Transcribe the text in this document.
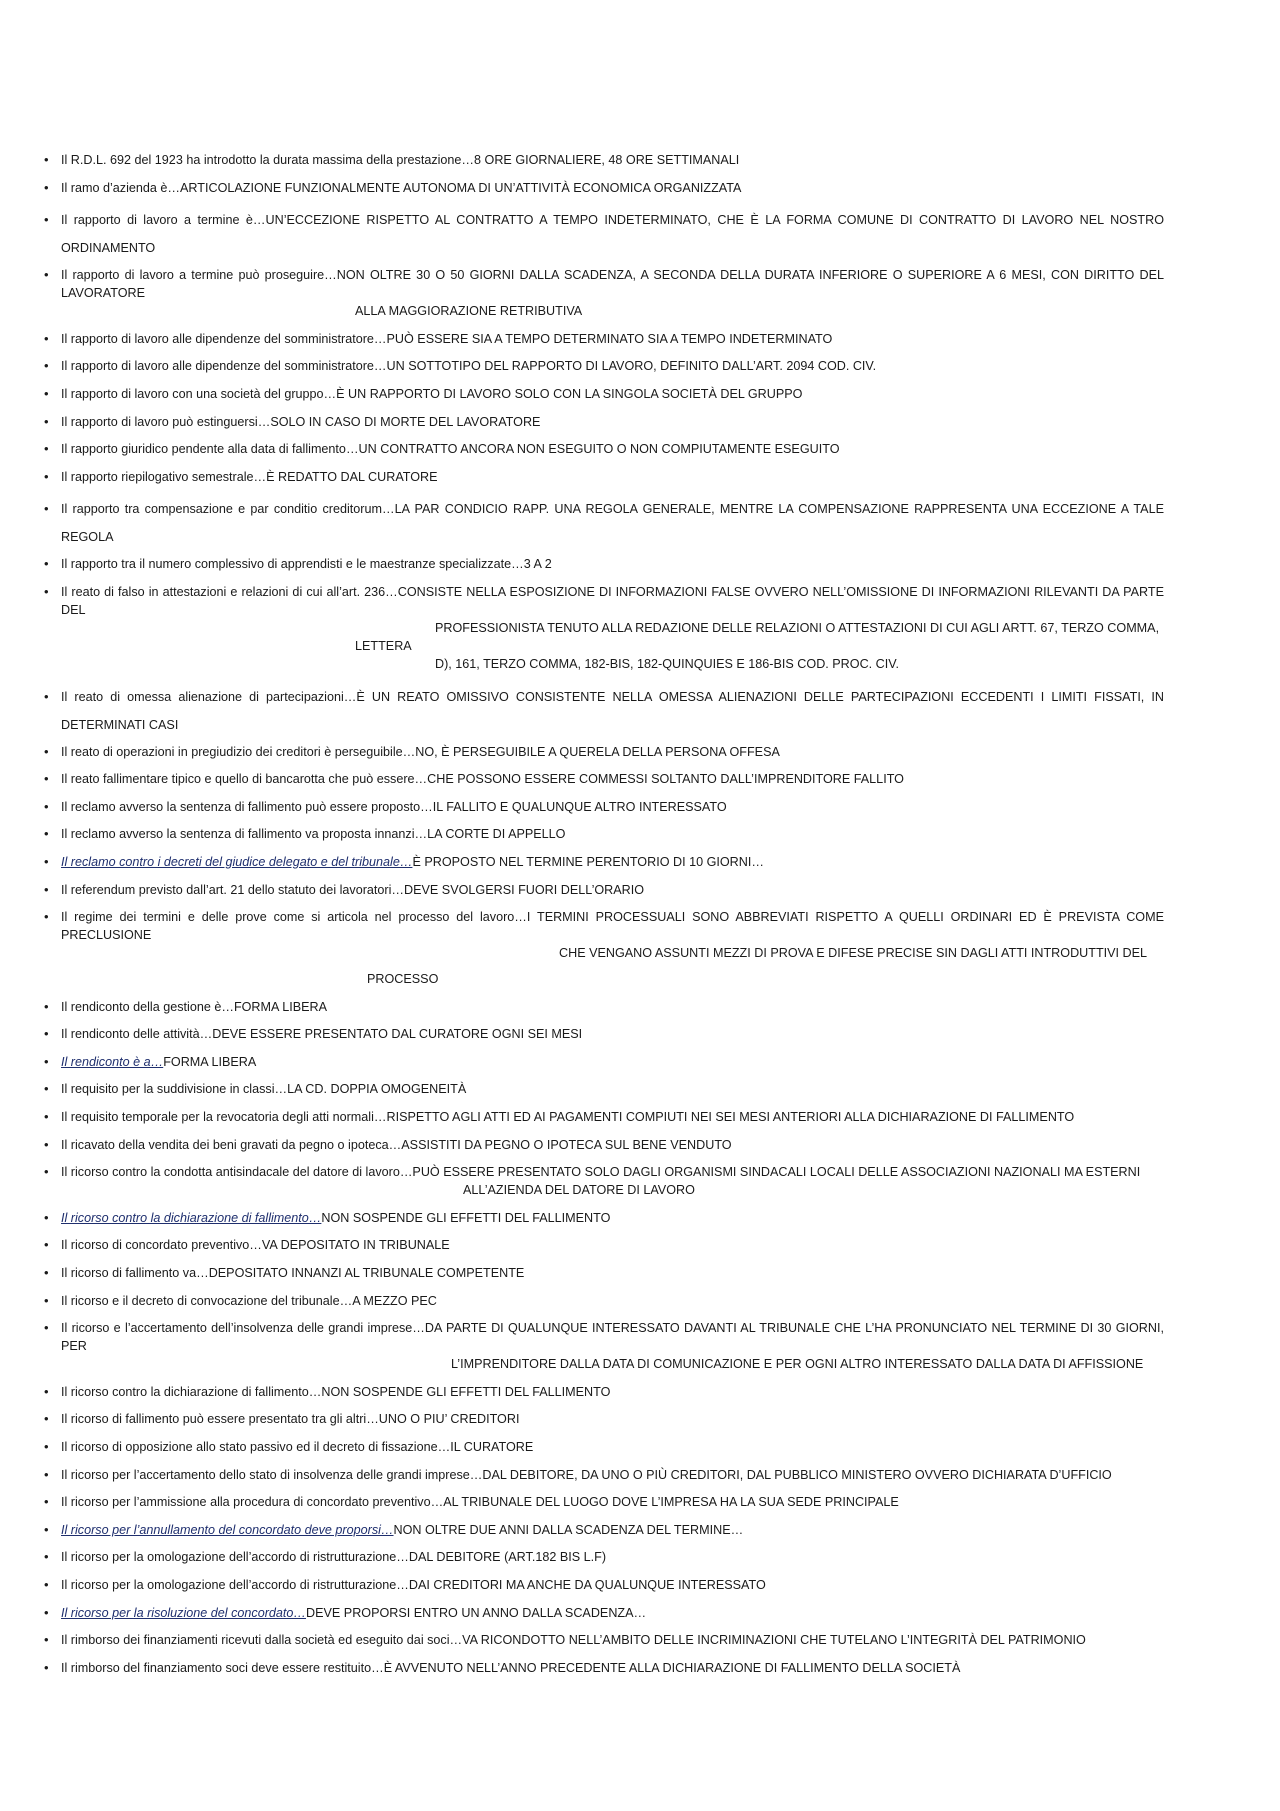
• Il R.D.L. 692 del 1923 ha introdotto la durata massima della prestazione…8 ORE GIORNALIERE, 48 ORE SETTIMANALI
• Il ramo d’azienda è…ARTICOLAZIONE FUNZIONALMENTE AUTONOMA DI UN’ATTIVITÀ ECONOMICA ORGANIZZATA
• Il rapporto di lavoro a termine è…UN’ECCEZIONE RISPETTO AL CONTRATTO A TEMPO INDETERMINATO, CHE È LA FORMA COMUNE DI CONTRATTO DI LAVORO NEL NOSTRO ORDINAMENTO
• Il rapporto di lavoro a termine può proseguire…NON OLTRE 30 O 50 GIORNI DALLA SCADENZA, A SECONDA DELLA DURATA INFERIORE O SUPERIORE A 6 MESI, CON DIRITTO DEL LAVORATORE
ALLA MAGGIORAZIONE RETRIBUTIVA
• Il rapporto di lavoro alle dipendenze del somministratore…PUÒ ESSERE SIA A TEMPO DETERMINATO SIA A TEMPO INDETERMINATO
• Il rapporto di lavoro alle dipendenze del somministratore…UN SOTTOTIPO DEL RAPPORTO DI LAVORO, DEFINITO DALL’ART. 2094 COD. CIV.
• Il rapporto di lavoro con una società del gruppo…È UN RAPPORTO DI LAVORO SOLO CON LA SINGOLA SOCIETÀ DEL GRUPPO
• Il rapporto di lavoro può estinguersi…SOLO IN CASO DI MORTE DEL LAVORATORE
• Il rapporto giuridico pendente alla data di fallimento…UN CONTRATTO ANCORA NON ESEGUITO O NON COMPIUTAMENTE ESEGUITO
• Il rapporto riepilogativo semestrale…È REDATTO DAL CURATORE
• Il rapporto tra compensazione e par conditio creditorum…LA PAR CONDICIO RAPP. UNA REGOLA GENERALE, MENTRE LA COMPENSAZIONE RAPPRESENTA UNA ECCEZIONE A TALE REGOLA
• Il rapporto tra il numero complessivo di apprendisti e le maestranze specializzate…3 A 2
• Il reato di falso in attestazioni e relazioni di cui all’art. 236…CONSISTE NELLA ESPOSIZIONE DI INFORMAZIONI FALSE OVVERO NELL’OMISSIONE DI INFORMAZIONI RILEVANTI DA PARTE DEL
PROFESSIONISTA TENUTO ALLA REDAZIONE DELLE RELAZIONI O ATTESTAZIONI DI CUI AGLI ARTT. 67, TERZO COMMA,
LETTERA
D), 161, TERZO COMMA, 182-BIS, 182-QUINQUIES E 186-BIS COD. PROC. CIV.
• Il reato di omessa alienazione di partecipazioni…È UN REATO OMISSIVO CONSISTENTE NELLA OMESSA ALIENAZIONI DELLE PARTECIPAZIONI ECCEDENTI I LIMITI FISSATI, IN DETERMINATI CASI
• Il reato di operazioni in pregiudizio dei creditori è perseguibile…NO, È PERSEGUIBILE A QUERELA DELLA PERSONA OFFESA
• Il reato fallimentare tipico e quello di bancarotta che può essere…CHE POSSONO ESSERE COMMESSI SOLTANTO DALL’IMPRENDITORE FALLITO
• Il reclamo avverso la sentenza di fallimento può essere proposto…IL FALLITO E QUALUNQUE ALTRO INTERESSATO
• Il reclamo avverso la sentenza di fallimento va proposta innanzi…LA CORTE DI APPELLO
• Il reclamo contro i decreti del giudice delegato e del tribunale…È PROPOSTO NEL TERMINE PERENTORIO DI 10 GIORNI…
• Il referendum previsto dall’art. 21 dello statuto dei lavoratori…DEVE SVOLGERSI FUORI DELL’ORARIO
• Il regime dei termini e delle prove come si articola nel processo del lavoro…I TERMINI PROCESSUALI SONO ABBREVIATI RISPETTO A QUELLI ORDINARI ED È PREVISTA COME PRECLUSIONE
CHE VENGANO ASSUNTI MEZZI DI PROVA E DIFESE PRECISE SIN DAGLI ATTI INTRODUTTIVI DEL
PROCESSO
• Il rendiconto della gestione è…FORMA LIBERA
• Il rendiconto delle attività…DEVE ESSERE PRESENTATO DAL CURATORE OGNI SEI MESI
• Il rendiconto è a…FORMA LIBERA
• Il requisito per la suddivisione in classi…LA CD. DOPPIA OMOGENEITÀ
• Il requisito temporale per la revocatoria degli atti normali…RISPETTO AGLI ATTI ED AI PAGAMENTI COMPIUTI NEI SEI MESI ANTERIORI ALLA DICHIARAZIONE DI FALLIMENTO
• Il ricavato della vendita dei beni gravati da pegno o ipoteca…ASSISTITI DA PEGNO O IPOTECA SUL BENE VENDUTO
• Il ricorso contro la condotta antisindacale del datore di lavoro…PUÒ ESSERE PRESENTATO SOLO DAGLI ORGANISMI SINDACALI LOCALI DELLE ASSOCIAZIONI NAZIONALI MA ESTERNI
ALL’AZIENDA DEL DATORE DI LAVORO
• Il ricorso contro la dichiarazione di fallimento…NON SOSPENDE GLI EFFETTI DEL FALLIMENTO
• Il ricorso di concordato preventivo…VA DEPOSITATO IN TRIBUNALE
• Il ricorso di fallimento va…DEPOSITATO INNANZI AL TRIBUNALE COMPETENTE
• Il ricorso e il decreto di convocazione del tribunale…A MEZZO PEC
• Il ricorso e l’accertamento dell’insolvenza delle grandi imprese…DA PARTE DI QUALUNQUE INTERESSATO DAVANTI AL TRIBUNALE CHE L’HA PRONUNCIATO NEL TERMINE DI 30 GIORNI, PER
L’IMPRENDITORE DALLA DATA DI COMUNICAZIONE E PER OGNI ALTRO INTERESSATO DALLA DATA DI AFFISSIONE
• Il ricorso contro la dichiarazione di fallimento…NON SOSPENDE GLI EFFETTI DEL FALLIMENTO
• Il ricorso di fallimento può essere presentato tra gli altri…UNO O PIU’ CREDITORI
• Il ricorso di opposizione allo stato passivo ed il decreto di fissazione…IL CURATORE
• Il ricorso per l’accertamento dello stato di insolvenza delle grandi imprese…DAL DEBITORE, DA UNO O PIÙ CREDITORI, DAL PUBBLICO MINISTERO OVVERO DICHIARATA D’UFFICIO
• Il ricorso per l’ammissione alla procedura di concordato preventivo…AL TRIBUNALE DEL LUOGO DOVE L’IMPRESA HA LA SUA SEDE PRINCIPALE
• Il ricorso per l’annullamento del concordato deve proporsi…NON OLTRE DUE ANNI DALLA SCADENZA DEL TERMINE…
• Il ricorso per la omologazione dell’accordo di ristrutturazione…DAL DEBITORE (ART.182 BIS L.F)
• Il ricorso per la omologazione dell’accordo di ristrutturazione…DAI CREDITORI MA ANCHE DA QUALUNQUE INTERESSATO
• Il ricorso per la risoluzione del concordato…DEVE PROPORSI ENTRO UN ANNO DALLA SCADENZA…
• Il rimborso dei finanziamenti ricevuti dalla società ed eseguito dai soci…VA RICONDOTTO NELL’AMBITO DELLE INCRIMINAZIONI CHE TUTELANO L’INTEGRITÀ DEL PATRIMONIO
• Il rimborso del finanziamento soci deve essere restituito…È AVVENUTO NELL’ANNO PRECEDENTE ALLA DICHIARAZIONE DI FALLIMENTO DELLA SOCIETÀ
